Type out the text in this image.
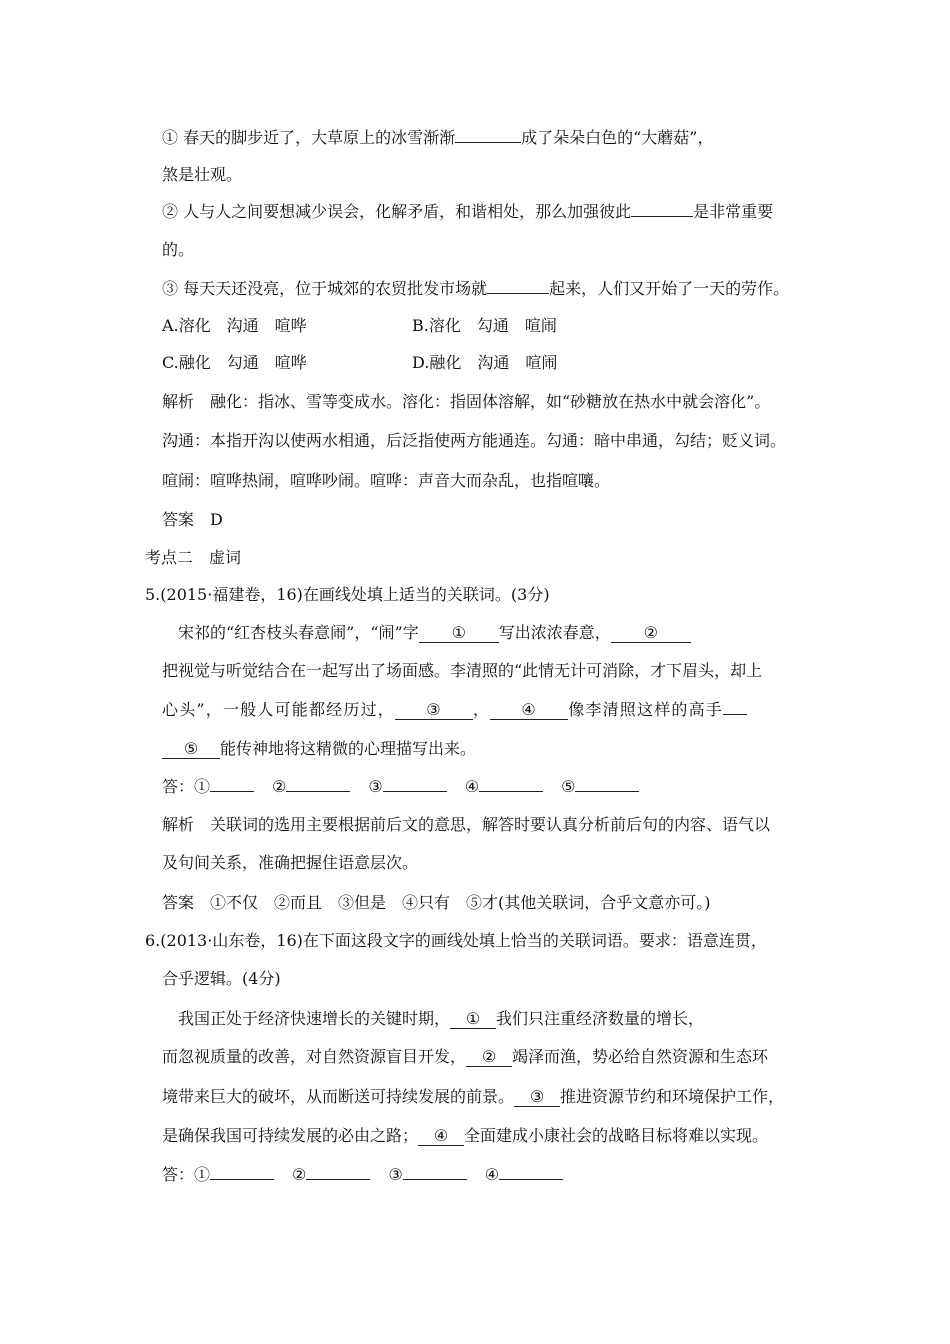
① 春天的脚步近了，大草原上的冰雪渐渐	成了朵朵白色的“大蘑菇”，
煞是壮观。
② 人与人之间要想减少误会，化解矛盾，和谐相处，那么加强彼此	是非常重要
的。
③ 每天天还没亮，位于城郊的农贸批发市场就	起来，人们又开始了一天的劳作。
A.溶化　沟通　喧哗	B.溶化　勾通　喧闹
C.融化　勾通　喧哗	D.融化　沟通　喧闹
解析　融化：指冰、雪等变成水。溶化：指固体溶解，如“砂糖放在热水中就会溶化”。
沟通：本指开沟以使两水相通，后泛指使两方能通连。勾通：暗中串通，勾结；贬义词。
喧闹：喧哗热闹，喧哗吵闹。喧哗：声音大而杂乱，也指喧嚷。
答案　D
考点二　虚词
5.(2015·福建卷，16)在画线处填上适当的关联词。(3分)
宋祁的“红杏枝头春意闹”，“闹”字 ① 写出浓浓春意， ②
把视觉与听觉结合在一起写出了场面感。李清照的“此情无计可消除，才下眉头，却上
心头”，一般人可能都经历过， ③ ， ④ 像李清照这样的高手
⑤ 能传神地将这精微的心理描写出来。
答：①	②	③	④	⑤
解析　关联词的选用主要根据前后文的意思，解答时要认真分析前后句的内容、语气以
及句间关系，准确把握住语意层次。
答案　①不仅　②而且　③但是　④只有　⑤才(其他关联词，合乎文意亦可。)
6.(2013·山东卷，16)在下面这段文字的画线处填上恰当的关联词语。要求：语意连贯，
合乎逻辑。(4分)
我国正处于经济快速增长的关键时期， ① 我们只注重经济数量的增长，
而忽视质量的改善，对自然资源盲目开发， ② 竭泽而渔，势必给自然资源和生态环
境带来巨大的破坏，从而断送可持续发展的前景。 ③ 推进资源节约和环境保护工作，
是确保我国可持续发展的必由之路； ④ 全面建成小康社会的战略目标将难以实现。
答：①	②	③	④
